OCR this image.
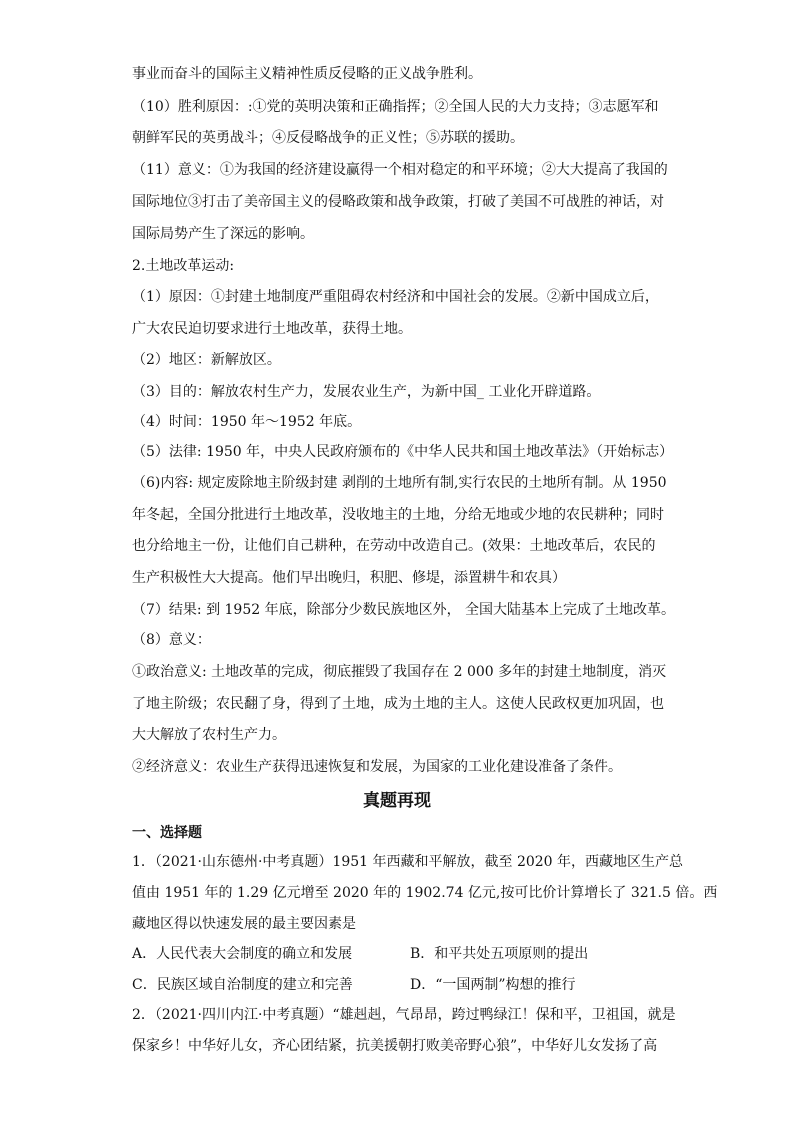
事业而奋斗的国际主义精神性质反侵略的正义战争胜利。
（10）胜利原因：:①党的英明决策和正确指挥；②全国人民的大力支持；③志愿军和
朝鲜军民的英勇战斗；④反侵略战争的正义性；⑤苏联的援助。
（11）意义：①为我国的经济建设赢得一个相对稳定的和平环境；②大大提高了我国的
国际地位③打击了美帝国主义的侵略政策和战争政策，打破了美国不可战胜的神话，对
国际局势产生了深远的影响。
2.土地改革运动:
（1）原因：①封建土地制度严重阻碍农村经济和中国社会的发展。②新中国成立后，
广大农民迫切要求进行土地改革，获得土地。
（2）地区：新解放区。
（3）目的：解放农村生产力，发展农业生产，为新中国_ 工业化开辟道路。
（4）时间：1950 年～1952 年底。
（5）法律: 1950 年，中央人民政府颁布的《中华人民共和国土地改革法》（开始标志）
（6)内容: 规定废除地主阶级封建 剥削的土地所有制,实行农民的土地所有制。从 1950
年冬起，全国分批进行土地改革，没收地主的土地，分给无地或少地的农民耕种；同时
也分给地主一份，让他们自己耕种，在劳动中改造自己。(效果：土地改革后，农民的
生产积极性大大提高。他们早出晚归，积肥、修堤，添置耕牛和农具）
（7）结果: 到 1952 年底，除部分少数民族地区外， 全国大陆基本上完成了土地改革。
（8）意义：
①政治意义: 土地改革的完成，彻底摧毁了我国存在 2 000 多年的封建土地制度，消灭
了地主阶级；农民翻了身，得到了土地，成为土地的主人。这使人民政权更加巩固，也
大大解放了农村生产力。
②经济意义：农业生产获得迅速恢复和发展，为国家的工业化建设准备了条件。
真题再现
一、选择题
1．（2021·山东德州·中考真题）1951 年西藏和平解放，截至 2020 年，西藏地区生产总
值由 1951 年的 1.29 亿元增至 2020 年的 1902.74 亿元,按可比价计算增长了 321.5 倍。西
藏地区得以快速发展的最主要因素是
A．人民代表大会制度的确立和发展	B．和平共处五项原则的提出
C．民族区域自治制度的建立和完善	D．“一国两制”构想的推行
2．（2021·四川内江·中考真题）“雄赳赳，气昂昂，跨过鸭绿江！保和平，卫祖国，就是
保家乡！中华好儿女，齐心团结紧，抗美援朝打败美帝野心狼”，中华好儿女发扬了高
